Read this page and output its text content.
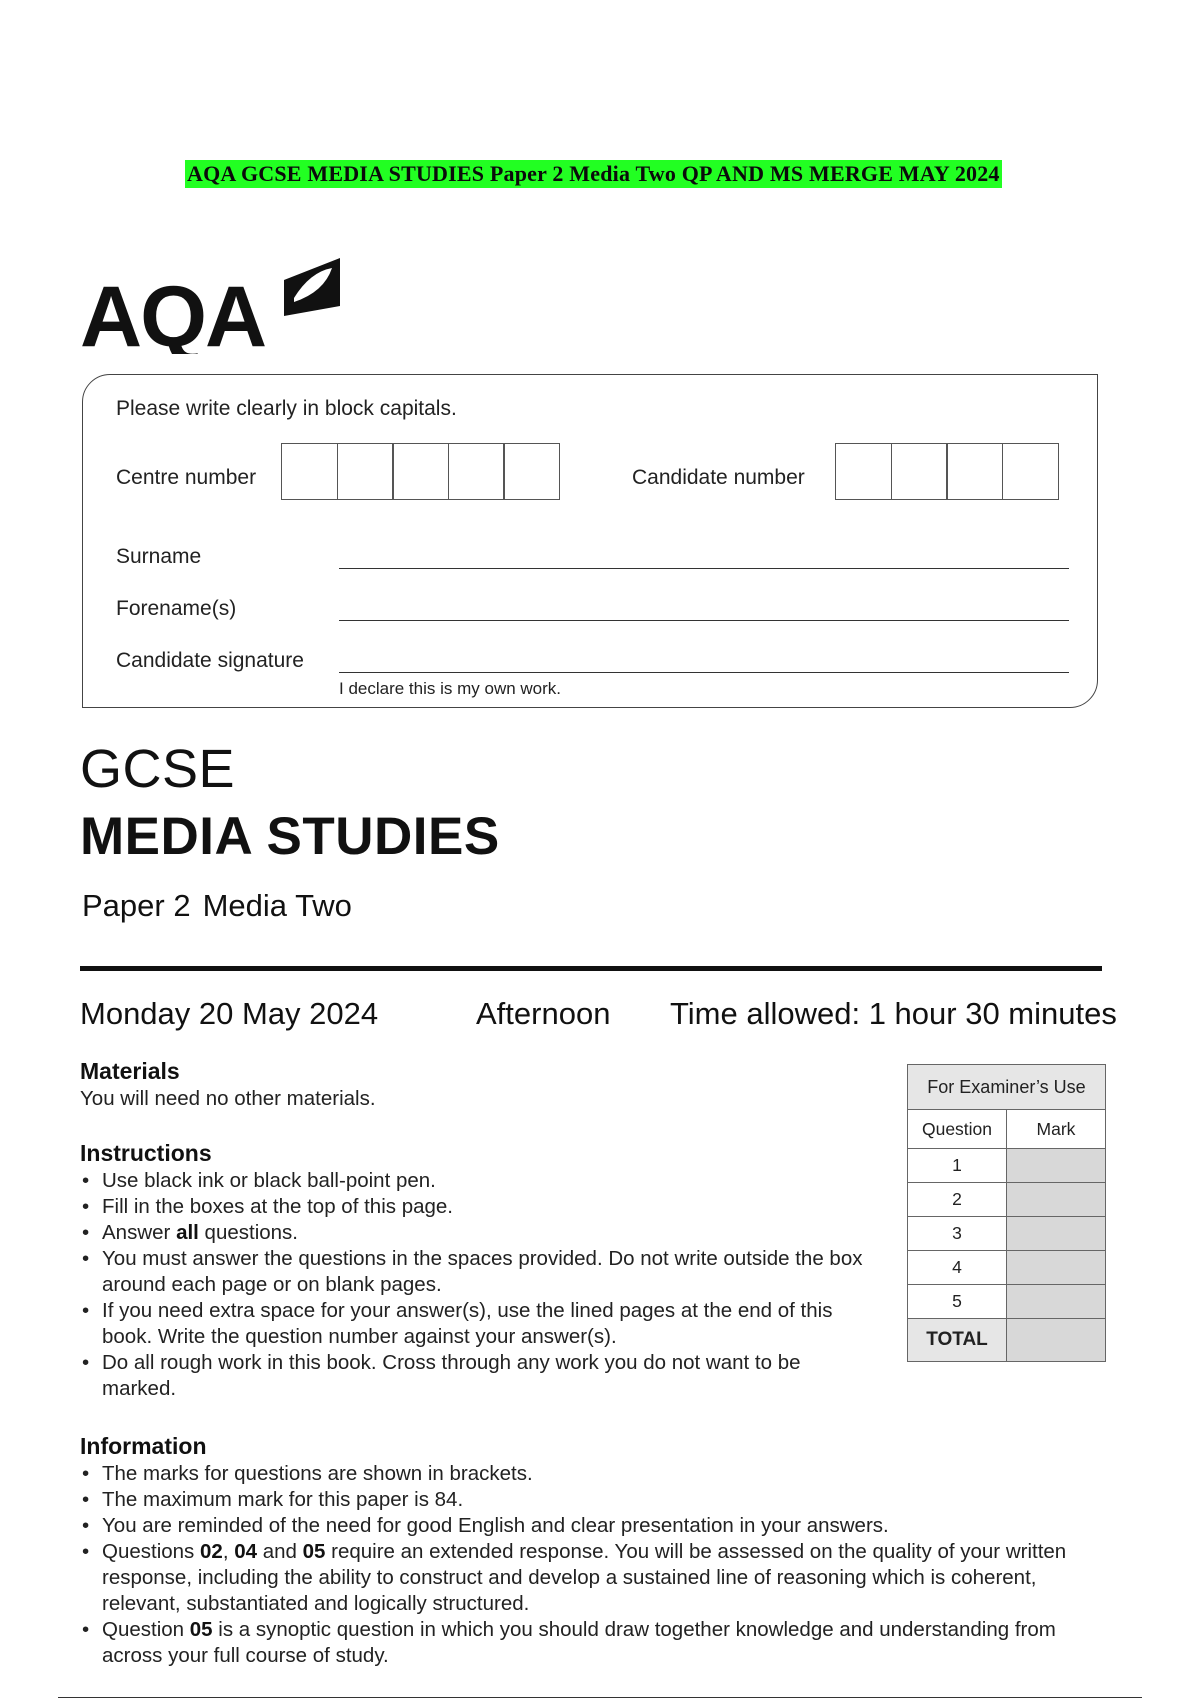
AQA GCSE MEDIA STUDIES Paper 2 Media Two QP AND MS MERGE MAY 2024
AQA
Please write clearly in block capitals.
Centre number	Candidate number
Surname
Forename(s)
Candidate signature
I declare this is my own work.
GCSE
MEDIA STUDIES
Paper 2 Media Two
Monday 20 May 2024	Afternoon Time allowed: 1 hour 30 minutes
Materials
You will need no other materials.
Instructions
• Use black ink or black ball-point pen.
• Fill in the boxes at the top of this page.
• Answer all questions.
• You must answer the questions in the spaces provided. Do not write outside the box around each page or on blank pages.
• If you need extra space for your answer(s), use the lined pages at the end of this book. Write the question number against your answer(s).
• Do all rough work in this book. Cross through any work you do not want to be marked.
Information
• The marks for questions are shown in brackets.
• The maximum mark for this paper is 84.
• You are reminded of the need for good English and clear presentation in your answers.
• Questions 02, 04 and 05 require an extended response. You will be assessed on the quality of your written response, including the ability to construct and develop a sustained line of reasoning which is coherent, relevant, substantiated and logically structured.
• Question 05 is a synoptic question in which you should draw together knowledge and understanding from across your full course of study.
For Examiner’s Use	
Question	Mark
1	
2	
3	
4	
5	
TOTAL	
